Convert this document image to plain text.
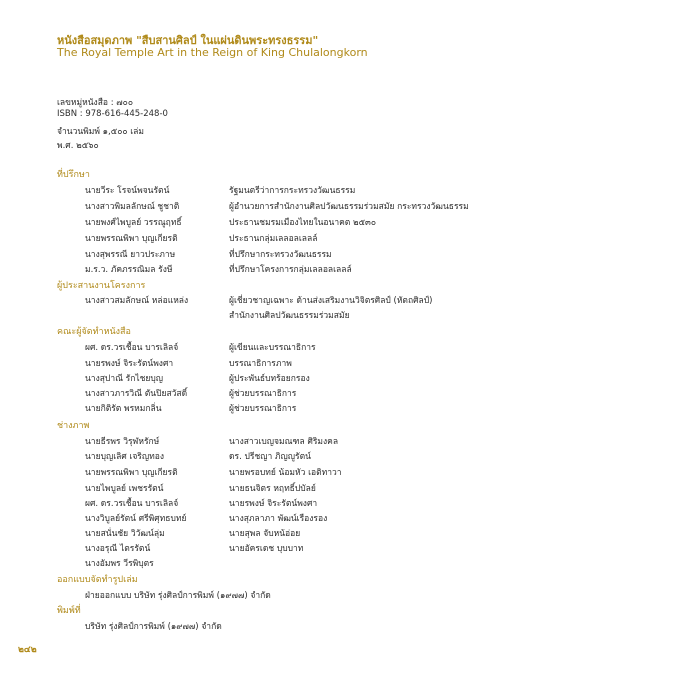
หนังสือสมุดภาพ "สืบสานศิลป์ ในแผ่นดินพระทรงธรรม"
The Royal Temple Art in the Reign of King Chulalongkorn
เลขหมู่หนังสือ : ๗๐๐
ISBN : 978-616-445-248-0
จำนวนพิมพ์ ๑,๕๐๐ เล่ม
พ.ศ. ๒๕๖๐
ที่ปรึกษา
นายวีระ โรจน์พจนรัตน์	รัฐมนตรีว่าการกระทรวงวัฒนธรรม
นางสาวพิมลลักษณ์ ชูชาติ	ผู้อำนวยการสำนักงานศิลปวัฒนธรรมร่วมสมัย กระทรวงวัฒนธรรม
นายพงศ์ไพบูลย์ วรรณูฤทธิ์	ประธานชมรมเมืองไทยในอนาคต ๒๕๓๐
นายพรรณพิพา บุญเกียรติ	ประธานกลุ่มเลลอลเลลล์
นางสุพรรณี ยาวประภาษ	ที่ปรึกษากระทรวงวัฒนธรรม
ม.ร.ว. ภัคภรรณิมล รังษี	ที่ปรึกษาโครงการกลุ่มเลลอลเลลล์
ผู้ประสานงานโครงการ
นางสาวสมลักษณ์ หล่อแหล่ง	ผู้เชี่ยวชาญเฉพาะ ด้านส่งเสริมงานวิจิตรศิลป์ (หัตถศิลป์)
สำนักงานศิลปวัฒนธรรมร่วมสมัย
คณะผู้จัดทำหนังสือ
ผศ. ดร.วรเชื้อน บารเลิลจ์	ผู้เขียนและบรรณาธิการ
นายรพงษ์ จิระรัตน์พงศา	บรรณาธิการภาพ
นางสุปาณี รักไชยบุญ	ผู้ประพันธ์บทร้อยกรอง
นางสาวภารวิณี ตันปิยสวัสดิ์	ผู้ช่วยบรรณาธิการ
นายกิติรัต พรหมกลิ่น	ผู้ช่วยบรรณาธิการ
ช่างภาพ
นายธีรพร วิรุฬหรักษ์	นางสาวเบญจมณฑล ศิริมงคล
นายบุญเลิศ เจริญทอง	ดร. ปรีชญา ภิญญูรัตน์
นายพรรณพิพา บุญเกียรติ	นายพรอบทย์ น้อมหัว เอติทาวา
นายไพบูลย์ เพชรรัตน์	นายธนจิตร หฤทธิ์ปบัลย์
ผศ. ดร.วรเชื้อน บารเลิลจ์	นายรพงษ์ จิระรัตน์พงศา
นางวิบูลย์รัตน์ ศรีพิศุทธบทย์	นางสุภลาภา พัฒน์เรืองรอง
นายสนั่นชัย วิวัฒน์ลุ่ม	นายสุพล จับหน้อ่อย
นางอรุณี ไตรรัตน์	นายอัครเดช บุบบาท
นางอัมพร วีรพิบุตร
ออกแบบจัดทำรูปเล่ม
ฝ่ายออกแบบ บริษัท รุ่งศิลป์การพิมพ์ (๑๙๗๗) จำกัด
พิมพ์ที่
บริษัท รุ่งศิลป์การพิมพ์ (๑๙๗๗) จำกัด
๒๔๒
